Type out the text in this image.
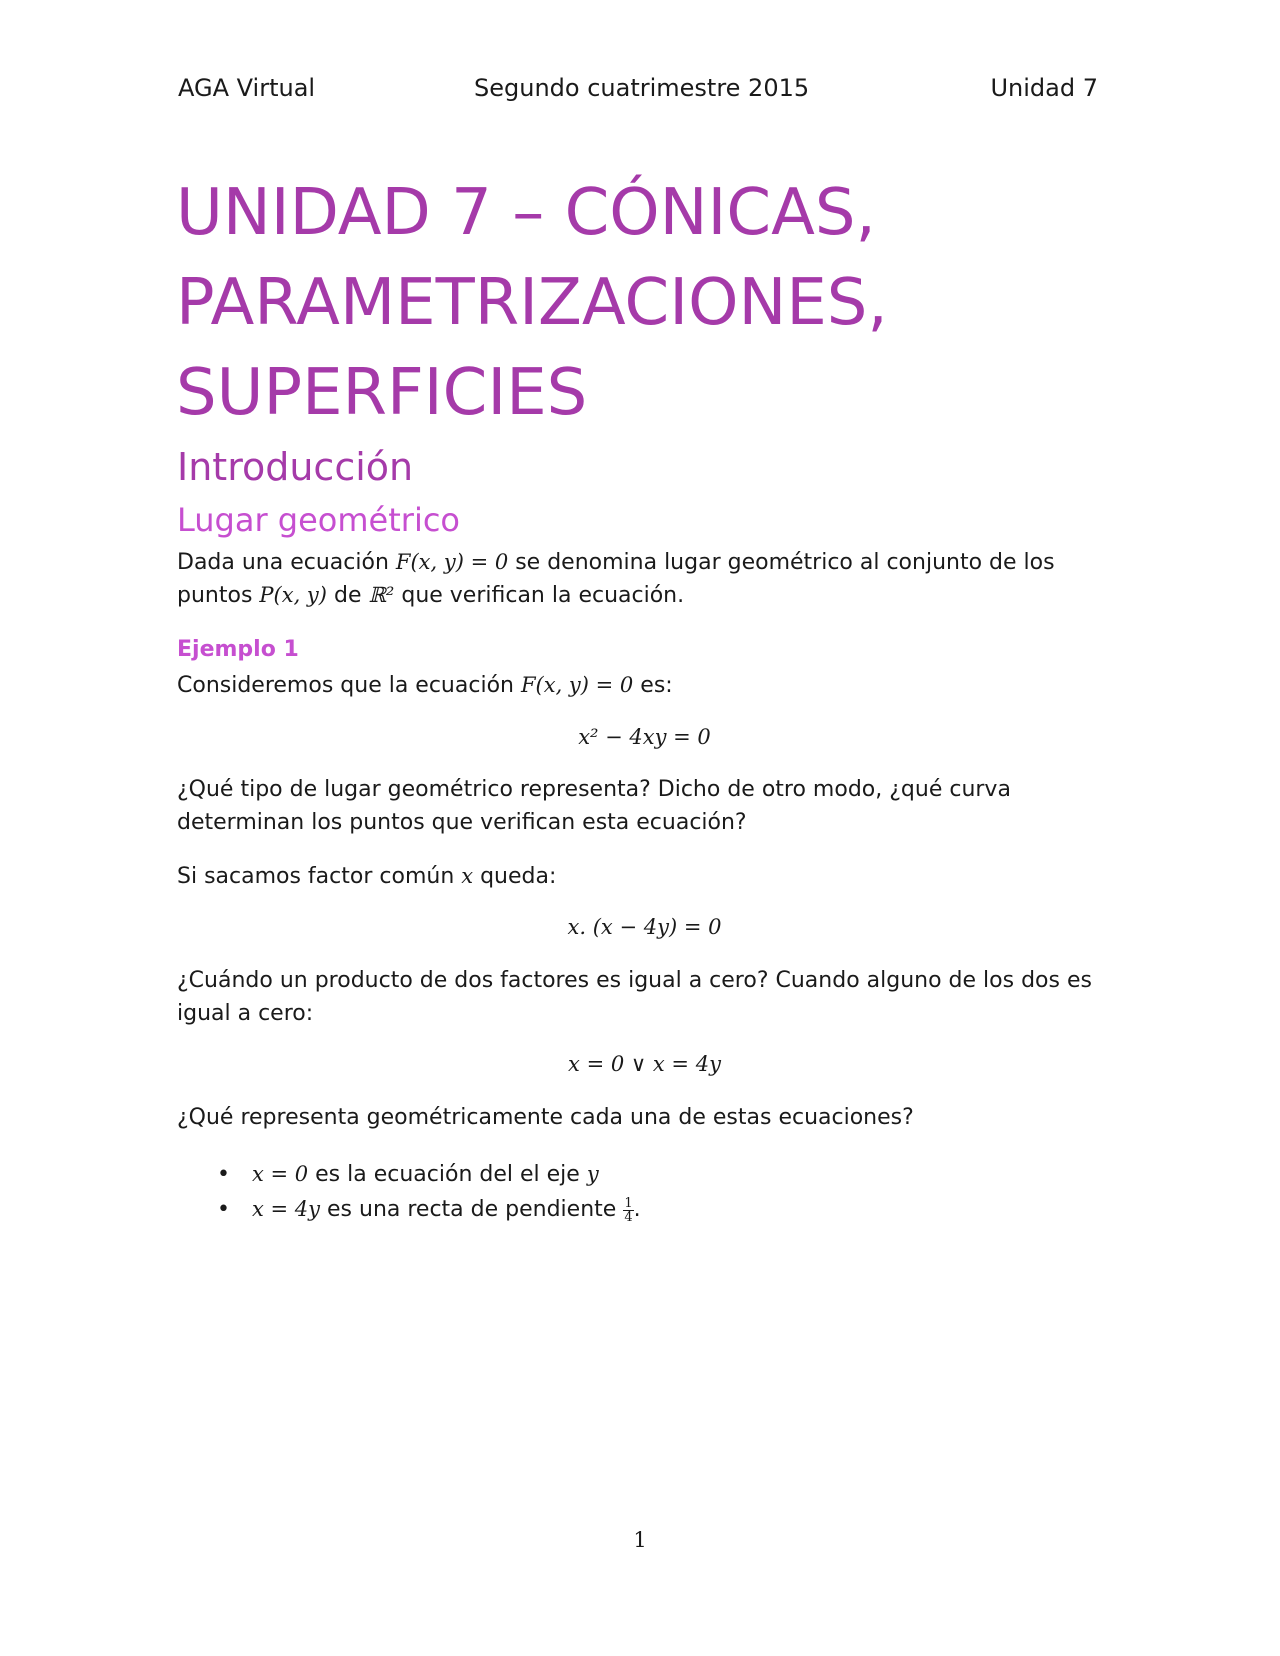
AGA Virtual	Segundo cuatrimestre 2015	Unidad 7
UNIDAD 7 – CÓNICAS,
PARAMETRIZACIONES,
SUPERFICIES
Introducción
Lugar geométrico

Dada una ecuación F(x, y) = 0 se denomina lugar geométrico al conjunto de los puntos P(x, y) de ℝ² que verifican la ecuación.

Ejemplo 1

Consideremos que la ecuación F(x, y) = 0 es:

x² − 4xy = 0

¿Qué tipo de lugar geométrico representa? Dicho de otro modo, ¿qué curva determinan los puntos que verifican esta ecuación?

Si sacamos factor común x queda:

x. (x − 4y) = 0

¿Cuándo un producto de dos factores es igual a cero? Cuando alguno de los dos es igual a cero:

x = 0 ∨ x = 4y

¿Qué representa geométricamente cada una de estas ecuaciones?

• x = 0 es la ecuación del el eje y
• x = 4y es una recta de pendiente $\frac{1}{4}$ .
1
